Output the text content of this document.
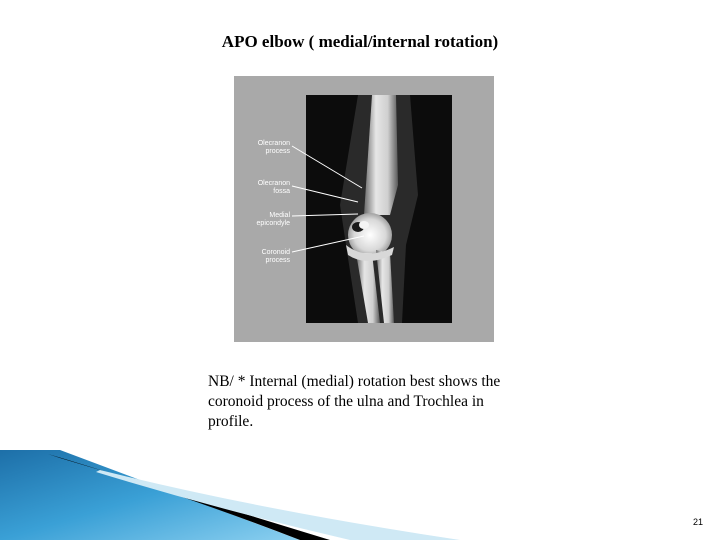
APO elbow ( medial/internal rotation)
Olecranon
process
Olecranon
fossa
Medial
epicondyle
Coronoid
process
NB/ * Internal (medial) rotation best shows the
coronoid process of the ulna and Trochlea in
profile.
21
